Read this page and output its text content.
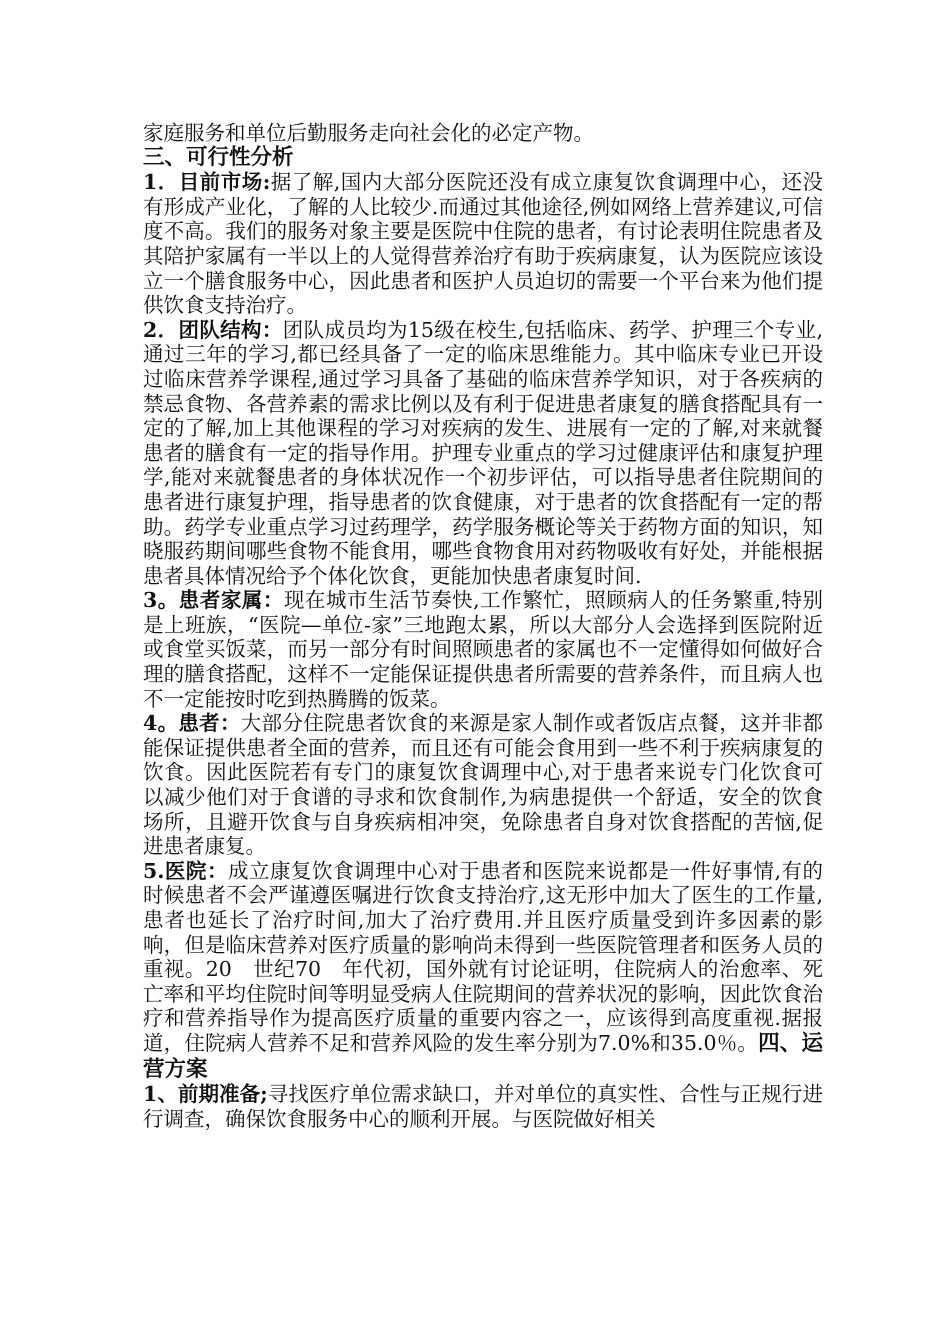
家庭服务和单位后勤服务走向社会化的必定产物。

三、可行性分析

1．目前市场:据了解,国内大部分医院还没有成立康复饮食调理中心，还没有形成产业化，了解的人比较少.而通过其他途径,例如网络上营养建议,可信度不高。我们的服务对象主要是医院中住院的患者，有讨论表明住院患者及其陪护家属有一半以上的人觉得营养治疗有助于疾病康复，认为医院应该设立一个膳食服务中心，因此患者和医护人员迫切的需要一个平台来为他们提供饮食支持治疗。

2．团队结构：团队成员均为15级在校生,包括临床、药学、护理三个专业,通过三年的学习,都已经具备了一定的临床思维能力。其中临床专业已开设过临床营养学课程,通过学习具备了基础的临床营养学知识，对于各疾病的禁忌食物、各营养素的需求比例以及有利于促进患者康复的膳食搭配具有一定的了解,加上其他课程的学习对疾病的发生、进展有一定的了解,对来就餐患者的膳食有一定的指导作用。护理专业重点的学习过健康评估和康复护理学,能对来就餐患者的身体状况作一个初步评估，可以指导患者住院期间的患者进行康复护理，指导患者的饮食健康，对于患者的饮食搭配有一定的帮助。药学专业重点学习过药理学，药学服务概论等关于药物方面的知识，知晓服药期间哪些食物不能食用，哪些食物食用对药物吸收有好处，并能根据患者具体情况给予个体化饮食，更能加快患者康复时间.

3。患者家属：现在城市生活节奏快,工作繁忙，照顾病人的任务繁重,特别是上班族，“医院—单位-家”三地跑太累，所以大部分人会选择到医院附近或食堂买饭菜，而另一部分有时间照顾患者的家属也不一定懂得如何做好合理的膳食搭配，这样不一定能保证提供患者所需要的营养条件，而且病人也不一定能按时吃到热腾腾的饭菜。

4。患者：大部分住院患者饮食的来源是家人制作或者饭店点餐，这并非都能保证提供患者全面的营养，而且还有可能会食用到一些不利于疾病康复的饮食。因此医院若有专门的康复饮食调理中心,对于患者来说专门化饮食可以减少他们对于食谱的寻求和饮食制作,为病患提供一个舒适，安全的饮食场所，且避开饮食与自身疾病相冲突，免除患者自身对饮食搭配的苦恼,促进患者康复。

5.医院：成立康复饮食调理中心对于患者和医院来说都是一件好事情,有的时候患者不会严谨遵医嘱进行饮食支持治疗,这无形中加大了医生的工作量,患者也延长了治疗时间,加大了治疗费用.并且医疗质量受到许多因素的影响，但是临床营养对医疗质量的影响尚未得到一些医院管理者和医务人员的重视。20　世纪70　年代初，国外就有讨论证明，住院病人的治愈率、死亡率和平均住院时间等明显受病人住院期间的营养状况的影响，因此饮食治疗和营养指导作为提高医疗质量的重要内容之一，应该得到高度重视.据报道，住院病人营养不足和营养风险的发生率分别为7.0%和35.0％。四、运营方案

1、前期准备;寻找医疗单位需求缺口，并对单位的真实性、合性与正规行进行调查，确保饮食服务中心的顺利开展。与医院做好相关
